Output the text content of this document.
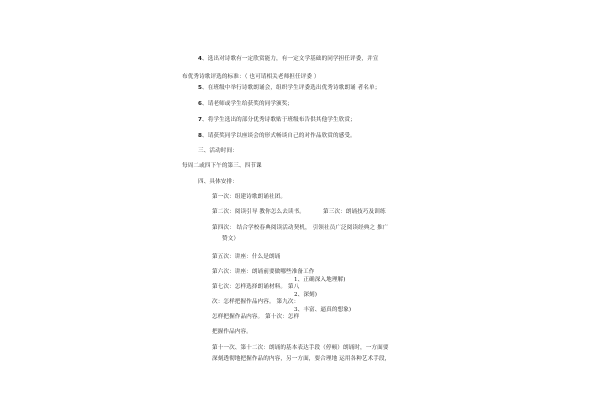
4、选出对诗歌有一定欣赏能力，有一定文学基础的同学担任评委，并宣
布优秀诗歌评选的标准：（ 也可请相关老师担任评委 ）
5、在班级中举行诗歌朗诵会，组织学生评委选出优秀诗歌朗诵 者名单；
6、请老师或学生给获奖的同学颁奖；
7、将学生选出的部分优秀诗歌贴于班级布告供其他学生欣赏；
8、请获奖同学以座谈会的形式畅谈自己的对作品欣赏的感受。
三、活动时间：
每周二或四下午的第三、四节课
四、具体安排：
第一次：组建诗歌朗诵社团。
第二次：阅读引导 教你怎么去读书。	第三次：朗诵技巧及训练
第四次： 结合学校春典阅读活动契机， 引领社员广泛阅读经典之 推广
赞文）
第五次：讲座：什么是朗诵
第六次：讲座：朗诵前要做哪些准备工作
1、正确深入地理解)
第七次：怎样选择朗诵材料。 第八
2、深刻)
次：怎样把握作品内容。 第九次：
3、丰富、逼真的想象)
怎样把握作品内容。 第十次：怎样
把握作品内容。
第十一次、第十二次：朗诵的基本表达手段（停顿）朗诵时，一方面要
深刻透彻地把握作品的内容，另一方面，要合理地 运用各种艺术手段，
